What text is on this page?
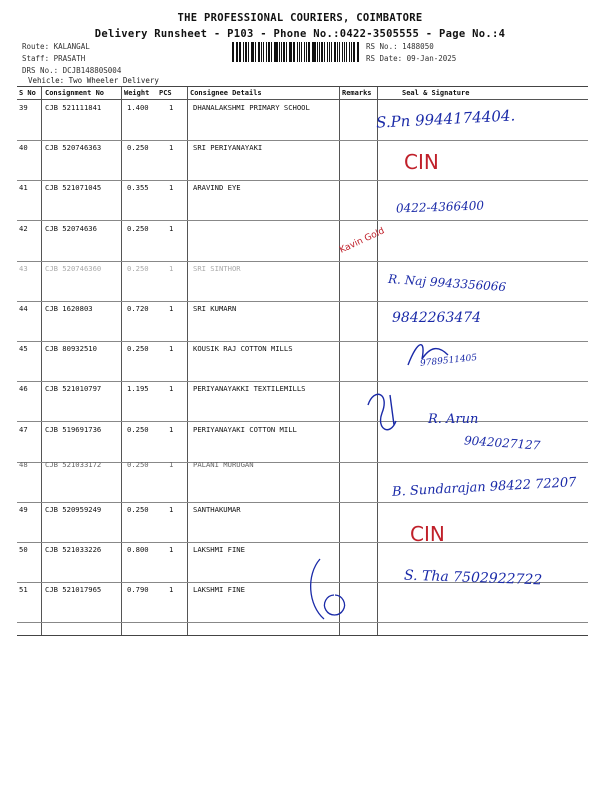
THE PROFESSIONAL COURIERS, COIMBATORE
Delivery Runsheet - P103 - Phone No.:0422-3505555 - Page No.:4
Route: KALANGAL
Staff: PRASATH
DRS No.: DCJB14880S004
RS No.: 1488050
RS Date: 09-Jan-2025
Vehicle: Two Wheeler Delivery
S No Consignment No	Weight PCS	Consignee Details	Remarks	Seal & Signature
39 CJB 521111841	1.400	1	DHANALAKSHMI PRIMARY SCHOOL
40 CJB 520746363	0.250	1	SRI PERIYANAYAKI
41 CJB 521071045	0.355	1	ARAVIND EYE
42 CJB 52074636	0.250	1
43 CJB 520746360	0.250	1	SRI SINTHOR
44 CJB 1620803	0.720	1	SRI KUMARN
45 CJB 80932510	0.250	1	KOUSIK RAJ COTTON MILLS
46 CJB 521010797	1.195	1	PERIYANAYAKKI TEXTILEMILLS
47 CJB 519691736	0.250	1	PERIYANAYAKI COTTON MILL
48 CJB 521033172	0.250	1	PALANI MURUGAN
49 CJB 520959249	0.250	1	SANTHAKUMAR
50 CJB 521033226	0.800	1	LAKSHMI FINE
51 CJB 521017965	0.790	1	LAKSHMI FINE
S.Pn 9944174404.
CIN
0422-4366400
Kavin Gold
R. Naj 9943356066
9842263474
9789511405
R. Arun
9042027127
B. Sundarajan 98422 72207
CIN
S. Tha 7502922722
